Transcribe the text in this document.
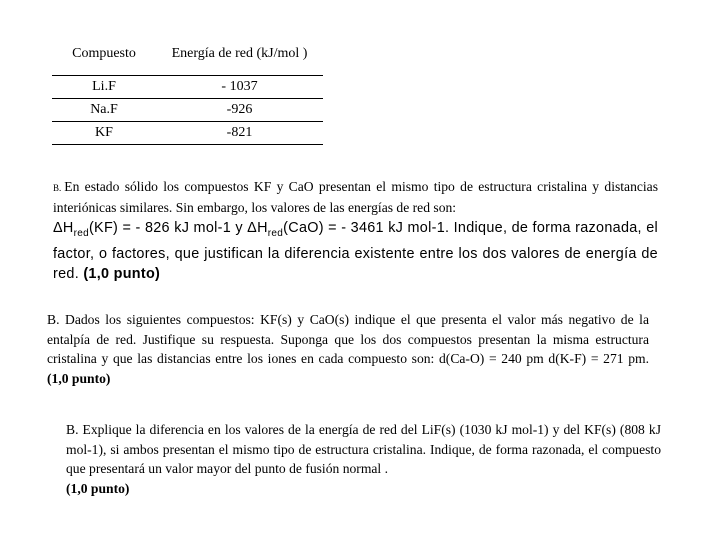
Compuesto	Energía de red (kJ/mol )
Li.F	- 1037
Na.F	-926
KF	-821
B. En estado sólido los compuestos KF y CaO presentan el mismo tipo de estructura cristalina y distancias interiónicas similares. Sin embargo, los valores de las energías de red son:
$\Delta H_{red}(KF)$ = - 826 kJ mol-1 y $\Delta H_{red}(CaO)$ = - 3461 kJ mol-1. Indique, de forma razonada, el factor, o factores, que justifican la diferencia existente entre los dos valores de energía de red. (1,0 punto)
B. Dados los siguientes compuestos: KF(s) y CaO(s) indique el que presenta el valor más negativo de la entalpía de red. Justifique su respuesta. Suponga que los dos compuestos presentan la misma estructura cristalina y que las distancias entre los iones en cada compuesto son: d(Ca-O) = 240 pm d(K-F) = 271 pm. (1,0 punto)
B. Explique la diferencia en los valores de la energía de red del LiF(s) (1030 kJ mol-1) y del KF(s) (808 kJ mol-1), si ambos presentan el mismo tipo de estructura cristalina. Indique, de forma razonada, el compuesto que presentará un valor mayor del punto de fusión normal .
(1,0 punto)
